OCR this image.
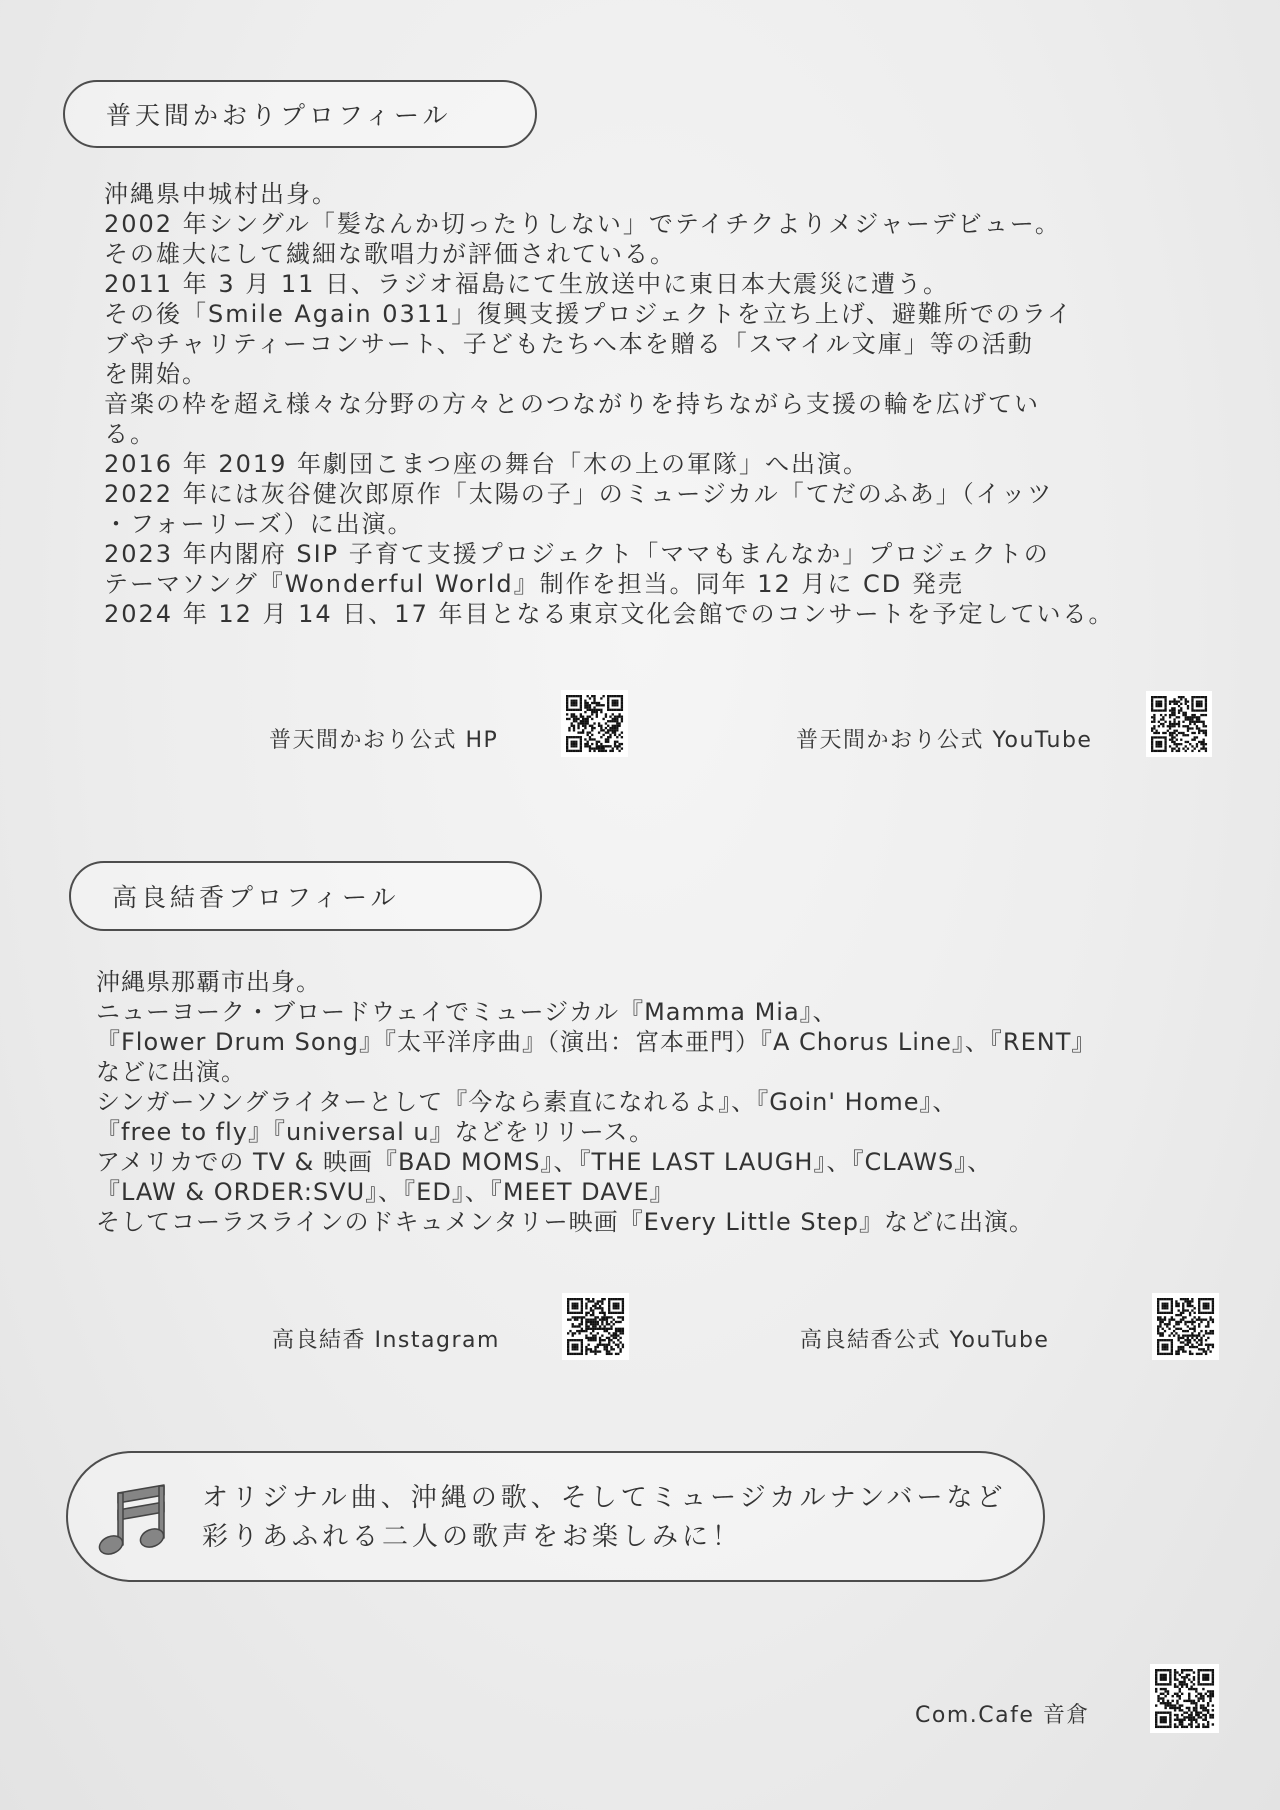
普天間かおりプロフィール
沖縄県中城村出身。
2002 年シングル「髪なんか切ったりしない」でテイチクよりメジャーデビュー。
その雄大にして繊細な歌唱力が評価されている。
2011 年 3 月 11 日、ラジオ福島にて生放送中に東日本大震災に遭う。
その後「Smile Again 0311」復興支援プロジェクトを立ち上げ、避難所でのライ
ブやチャリティーコンサート、子どもたちへ本を贈る「スマイル文庫」等の活動
を開始。
音楽の枠を超え様々な分野の方々とのつながりを持ちながら支援の輪を広げてい
る。
2016 年 2019 年劇団こまつ座の舞台「木の上の軍隊」へ出演。
2022 年には灰谷健次郎原作「太陽の子」のミュージカル「てだのふあ」（イッツ
・フォーリーズ）に出演。
2023 年内閣府 SIP 子育て支援プロジェクト「ママもまんなか」プロジェクトの
テーマソング『Wonderful World』制作を担当。同年 12 月に CD 発売
2024 年 12 月 14 日、17 年目となる東京文化会館でのコンサートを予定している。
普天間かおり公式 HP	普天間かおり公式 YouTube
高良結香プロフィール
沖縄県那覇市出身。
ニューヨーク・ブロードウェイでミュージカル『Mamma Mia』、
『Flower Drum Song』『太平洋序曲』（演出：宮本亜門）『A Chorus Line』、『RENT』
などに出演。
シンガーソングライターとして『今なら素直になれるよ』、『Goin' Home』、
『free to fly』『universal u』などをリリース。
アメリカでの TV & 映画『BAD MOMS』、『THE LAST LAUGH』、『CLAWS』、
『LAW & ORDER:SVU』、『ED』、『MEET DAVE』
そしてコーラスラインのドキュメンタリー映画『Every Little Step』などに出演。
高良結香 Instagram	高良結香公式 YouTube
オリジナル曲、沖縄の歌、そしてミュージカルナンバーなど
彩りあふれる二人の歌声をお楽しみに！
Com.Cafe 音倉
